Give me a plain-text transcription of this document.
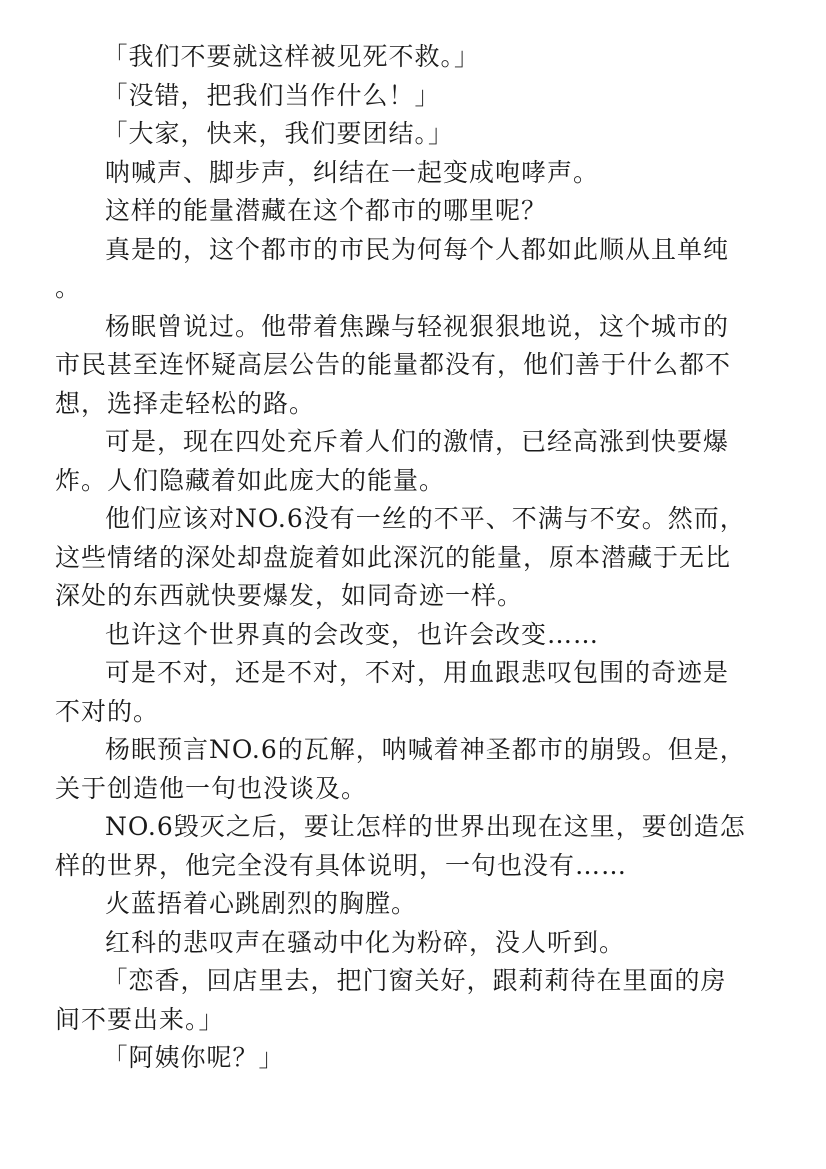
「我们不要就这样被见死不救。」

「没错，把我们当作什么！」

「大家，快来，我们要团结。」

呐喊声、脚步声，纠结在一起变成咆哮声。

这样的能量潜藏在这个都市的哪里呢？

真是的，这个都市的市民为何每个人都如此顺从且单纯。

杨眠曾说过。他带着焦躁与轻视狠狠地说，这个城市的市民甚至连怀疑高层公告的能量都没有，他们善于什么都不想，选择走轻松的路。

可是，现在四处充斥着人们的激情，已经高涨到快要爆炸。人们隐藏着如此庞大的能量。

他们应该对NO.6没有一丝的不平、不满与不安。然而，这些情绪的深处却盘旋着如此深沉的能量，原本潜藏于无比深处的东西就快要爆发，如同奇迹一样。

也许这个世界真的会改变，也许会改变……

可是不对，还是不对，不对，用血跟悲叹包围的奇迹是不对的。

杨眠预言NO.6的瓦解，呐喊着神圣都市的崩毁。但是，关于创造他一句也没谈及。

NO.6毁灭之后，要让怎样的世界出现在这里，要创造怎样的世界，他完全没有具体说明，一句也没有……

火蓝捂着心跳剧烈的胸膛。

红科的悲叹声在骚动中化为粉碎，没人听到。

「恋香，回店里去，把门窗关好，跟莉莉待在里面的房间不要出来。」

「阿姨你呢？」
